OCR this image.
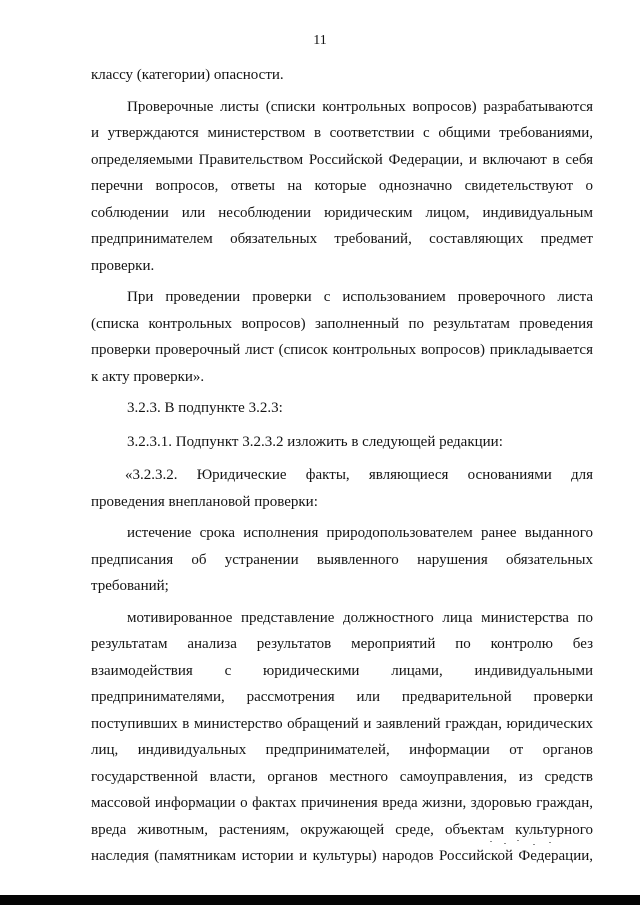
11
классу (категории) опасности.
Проверочные листы (списки контрольных вопросов) разрабатываются
и утверждаются министерством в соответствии с общими требованиями,
определяемыми Правительством Российской Федерации, и включают в себя
перечни вопросов, ответы на которые однозначно свидетельствуют о
соблюдении или несоблюдении юридическим лицом, индивидуальным
предпринимателем обязательных требований, составляющих предмет
проверки.
При проведении проверки с использованием проверочного листа
(списка контрольных вопросов) заполненный по результатам проведения
проверки проверочный лист (список контрольных вопросов) прикладывается
к акту проверки».
3.2.3. В подпункте 3.2.3:
3.2.3.1. Подпункт 3.2.3.2 изложить в следующей редакции:
«3.2.3.2. Юридические факты, являющиеся основаниями для
проведения внеплановой проверки:
истечение срока исполнения природопользователем ранее выданного
предписания об устранении выявленного нарушения обязательных
требований;
мотивированное представление должностного лица министерства по
результатам анализа результатов мероприятий по контролю без
взаимодействия с юридическими лицами, индивидуальными
предпринимателями, рассмотрения или предварительной проверки
поступивших в министерство обращений и заявлений граждан, юридических
лиц, индивидуальных предпринимателей, информации от органов
государственной власти, органов местного самоуправления, из средств
массовой информации о фактах причинения вреда жизни, здоровью граждан,
вреда животным, растениям, окружающей среде, объектам культурного
наследия (памятникам истории и культуры) народов Российской Федерации,
